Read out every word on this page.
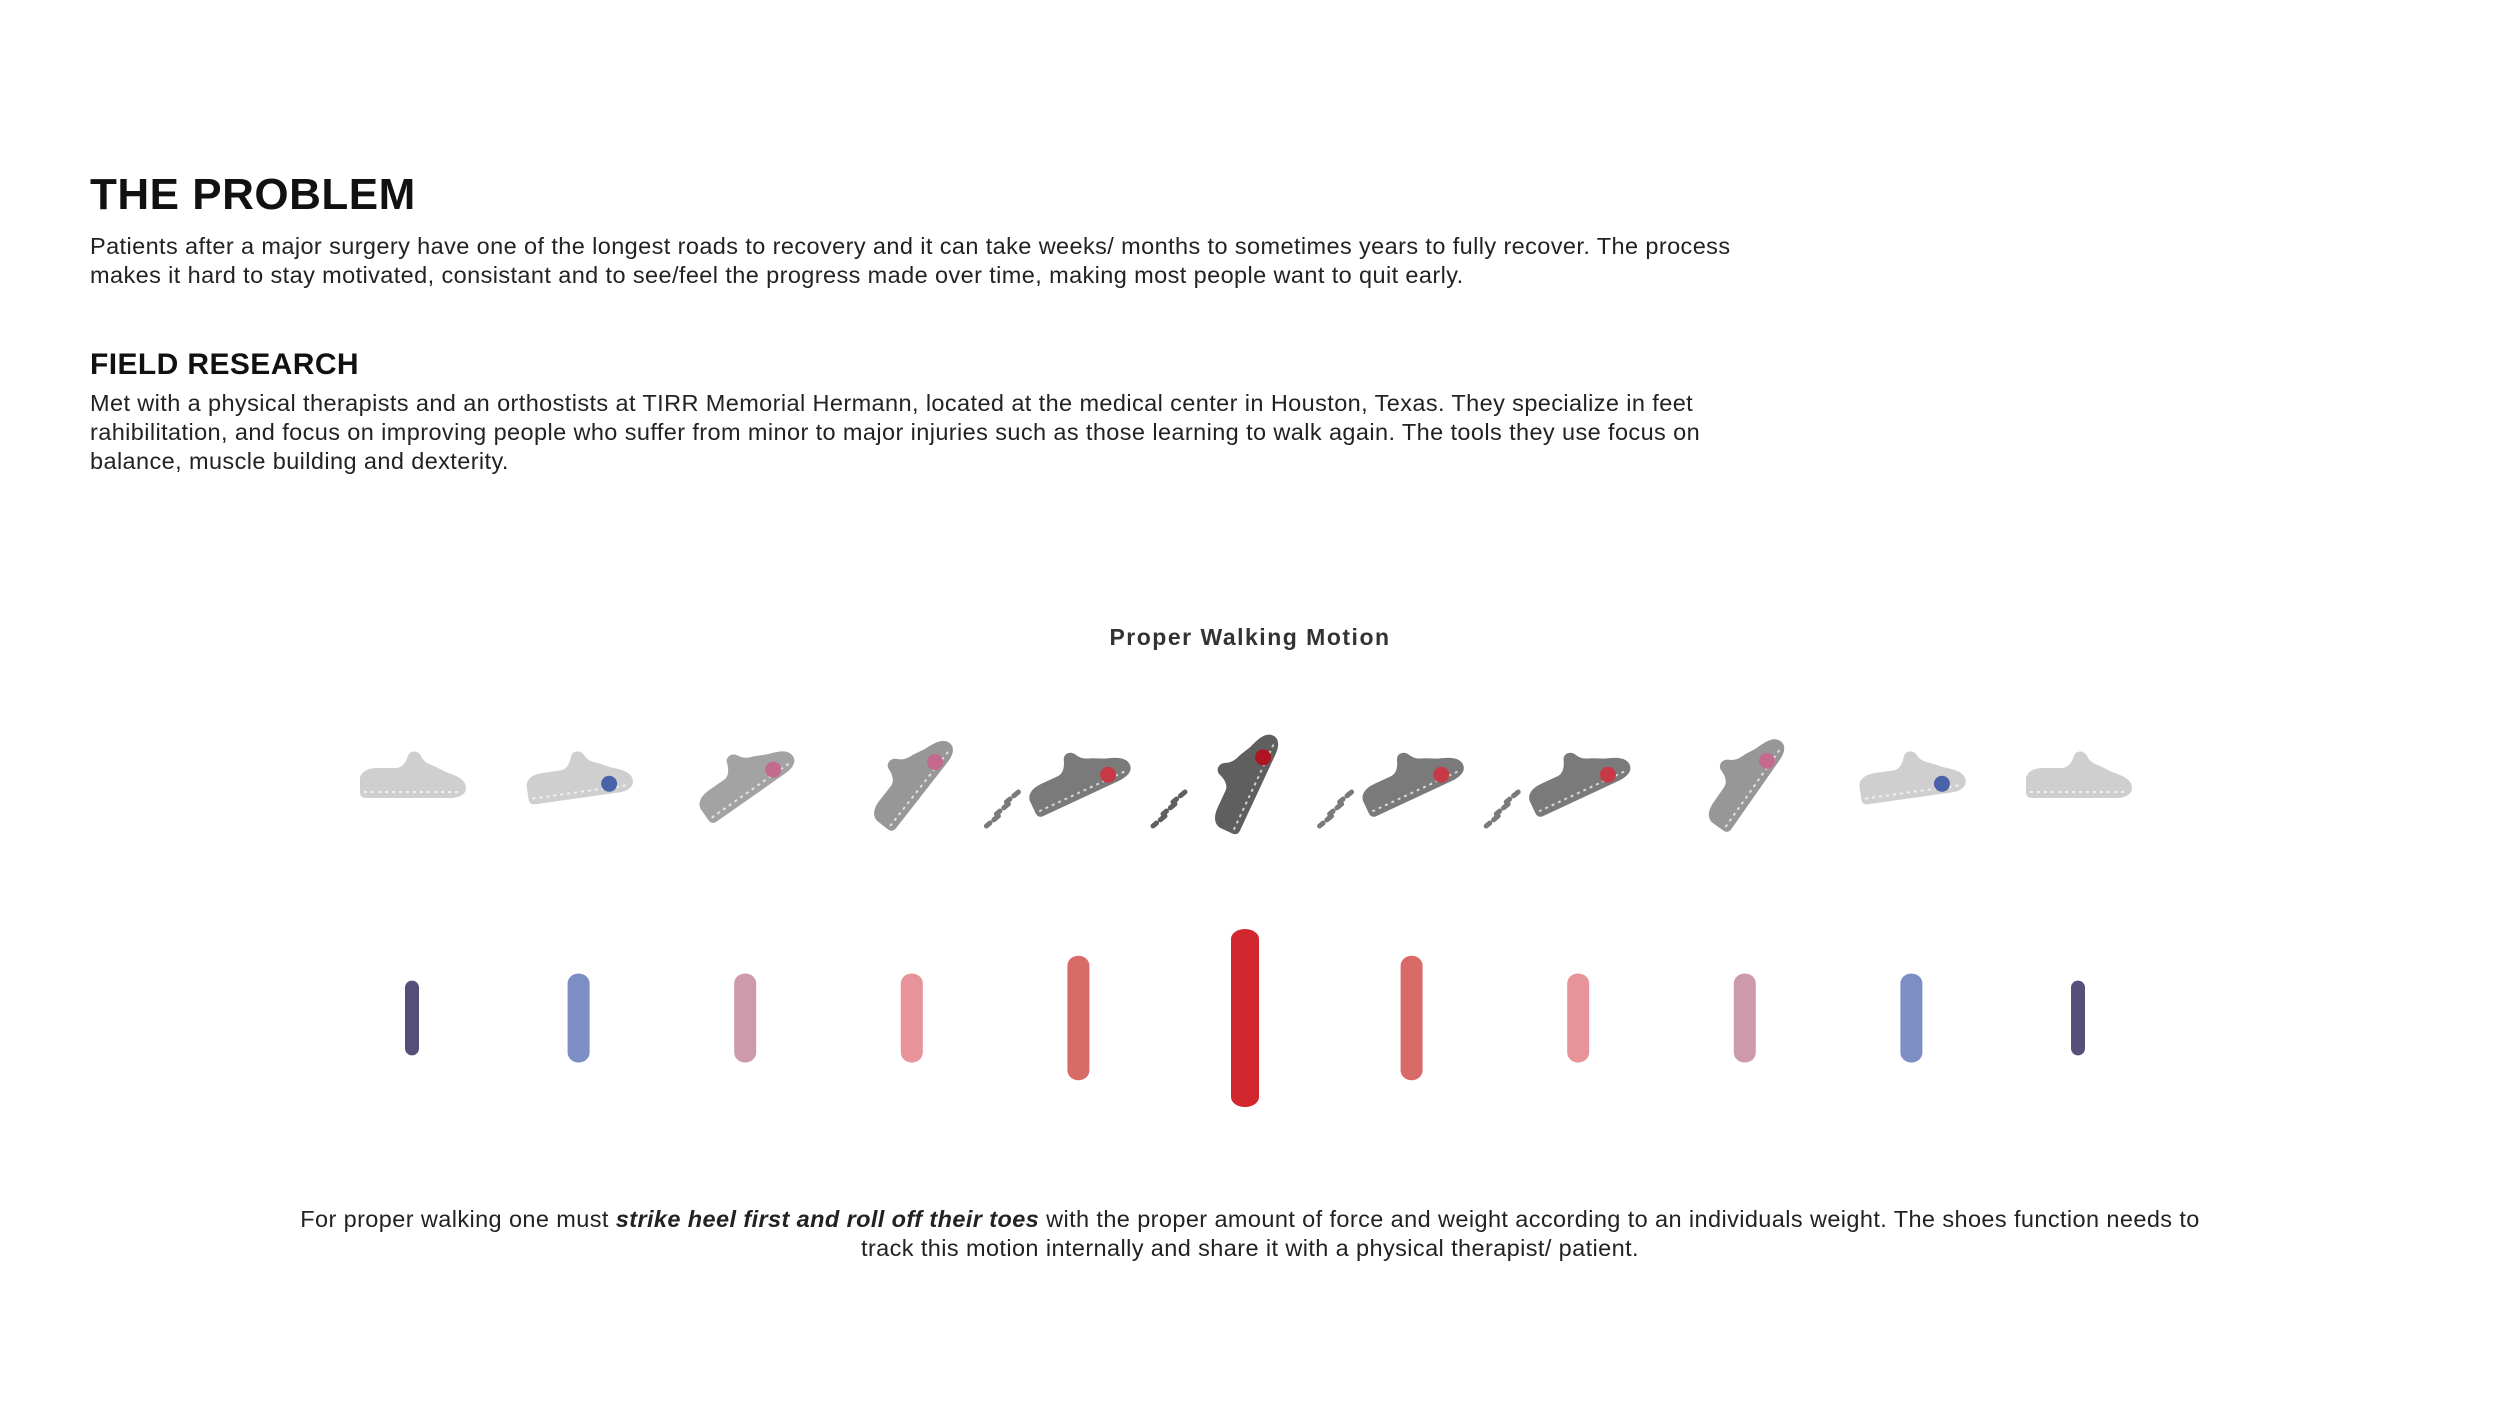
THE PROBLEM

Patients after a major surgery have one of the longest roads to recovery and it can take weeks/ months to sometimes years to fully recover. The process makes it hard to stay motivated, consistant and to see/feel the progress made over time, making most people want to quit early.

FIELD RESEARCH

Met with a physical therapists and an orthostists at TIRR Memorial Hermann, located at the medical center in Houston, Texas. They specialize in feet rahibilitation, and focus on improving people who suffer from minor to major injuries such as those learning to walk again. The tools they use focus on balance, muscle building and dexterity.

Proper Walking Motion

For proper walking one must strike heel first and roll off their toes with the proper amount of force and weight according to an individuals weight. The shoes function needs to track this motion internally and share it with a physical therapist/ patient.
